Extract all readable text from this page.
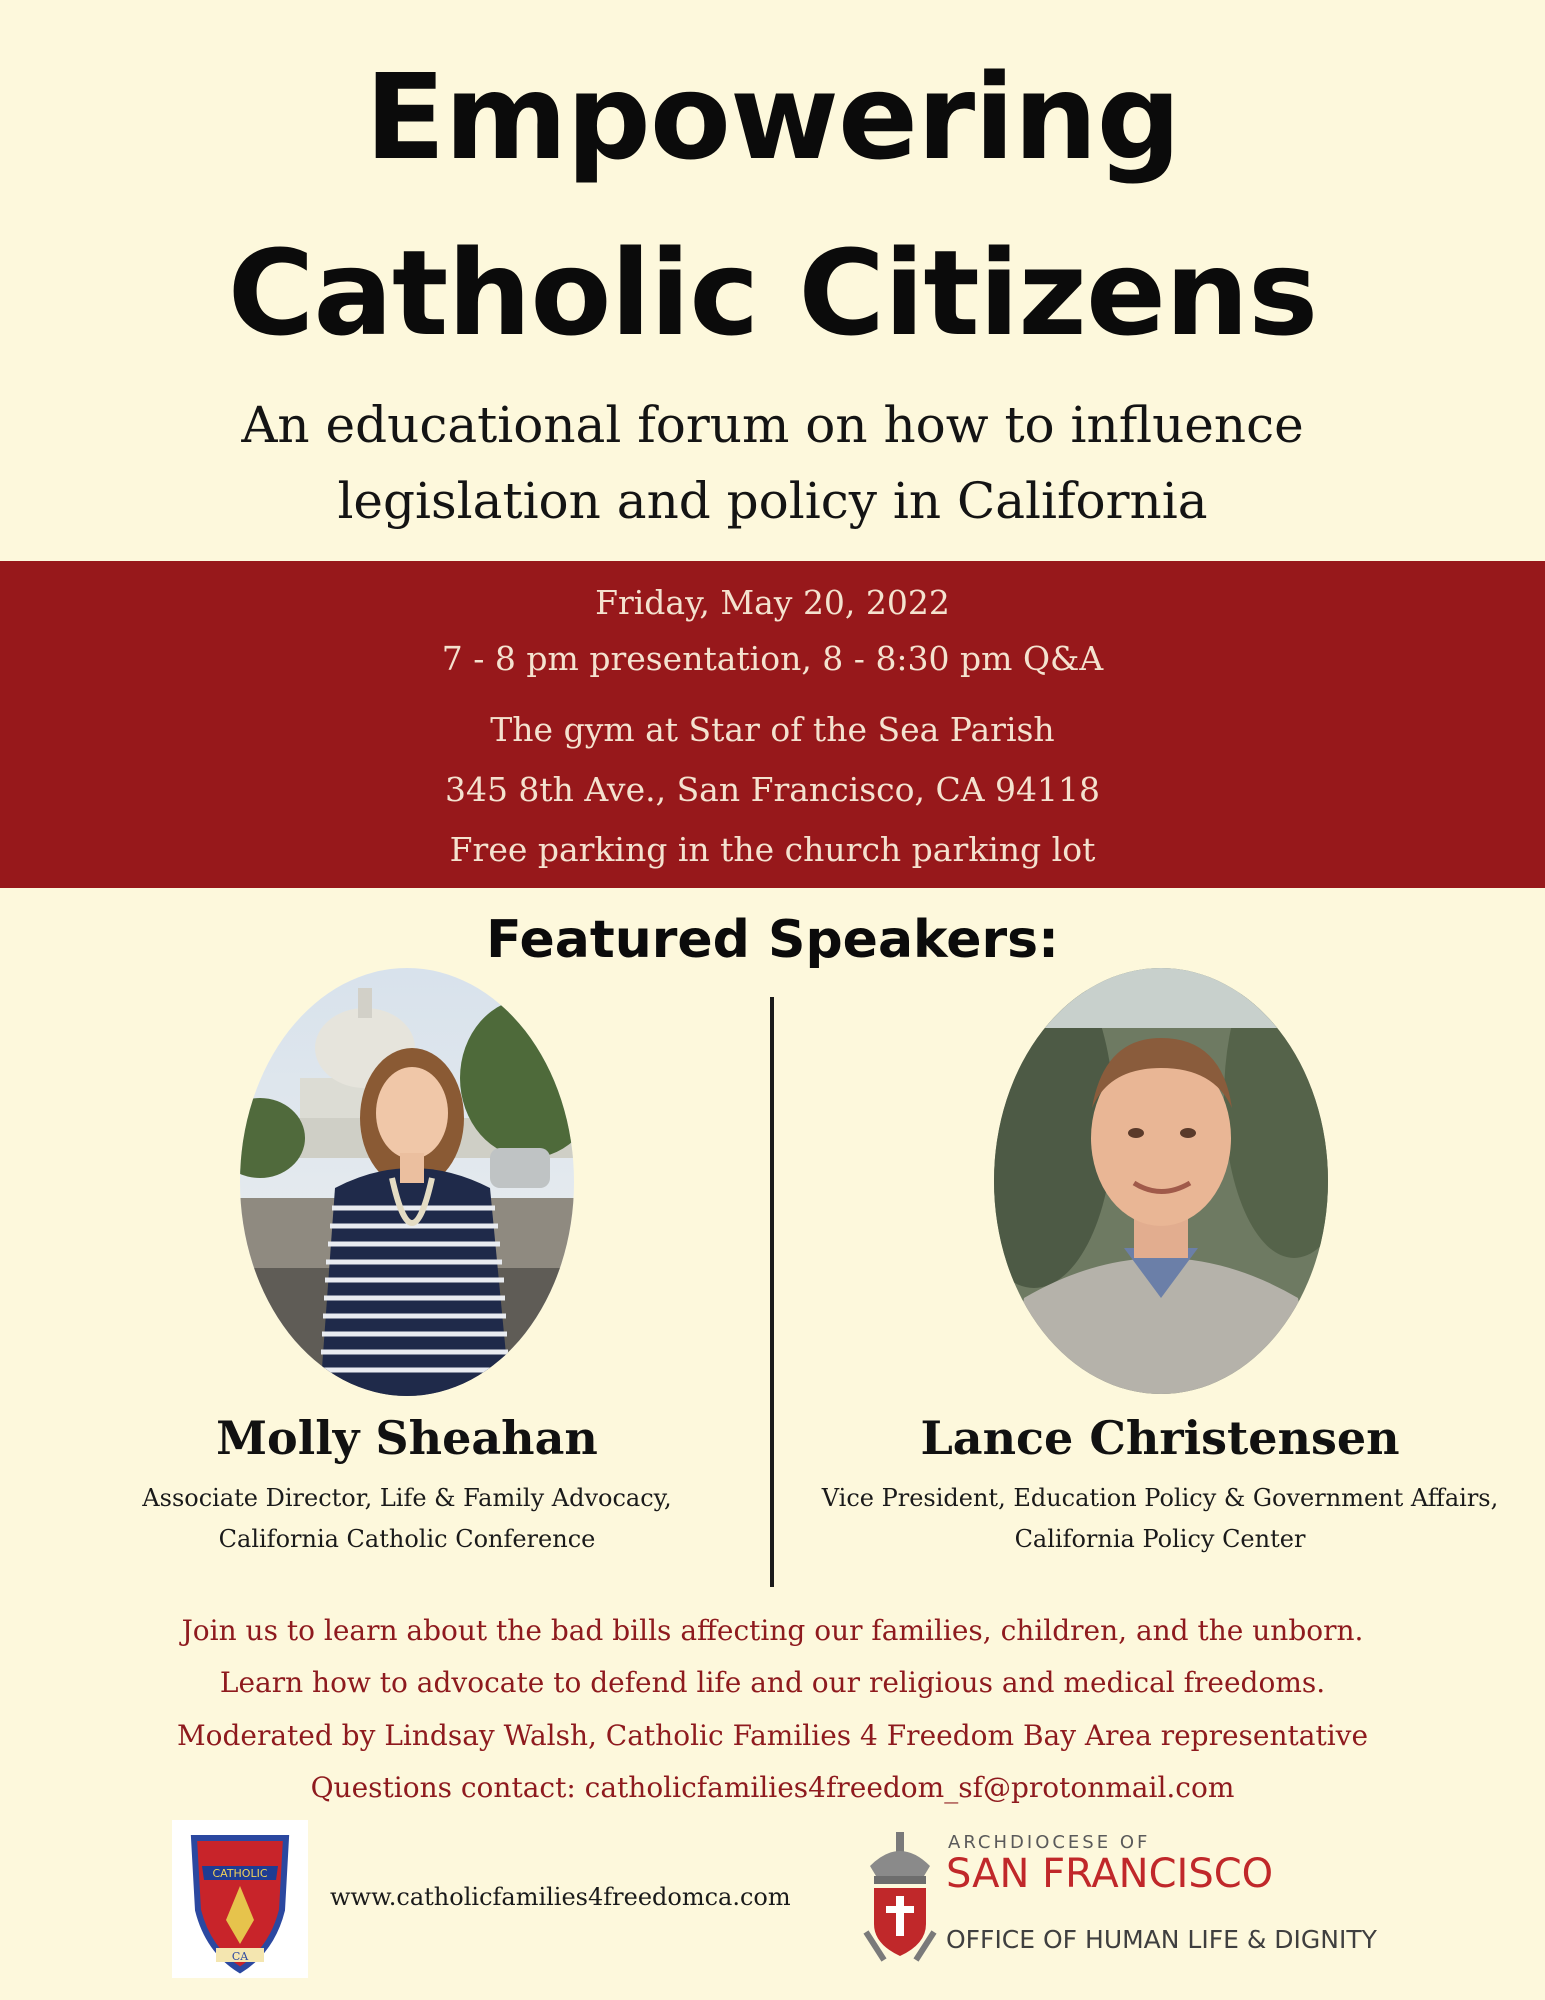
Empowering
Catholic Citizens
An educational forum on how to influence
legislation and policy in California
Friday, May 20, 2022
7 - 8 pm presentation, 8 - 8:30 pm Q&A
The gym at Star of the Sea Parish
345 8th Ave., San Francisco, CA 94118
Free parking in the church parking lot
Featured Speakers:
Molly Sheahan
Associate Director, Life & Family Advocacy,
California Catholic Conference
Lance Christensen
Vice President, Education Policy & Government Affairs,
California Policy Center
Join us to learn about the bad bills affecting our families, children, and the unborn.
Learn how to advocate to defend life and our religious and medical freedoms.
Moderated by Lindsay Walsh, Catholic Families 4 Freedom Bay Area representative
Questions contact: catholicfamilies4freedom_sf@protonmail.com
CATHOLIC
CA
www.catholicfamilies4freedomca.com
ARCHDIOCESE OF
SAN FRANCISCO
OFFICE OF HUMAN LIFE & DIGNITY
